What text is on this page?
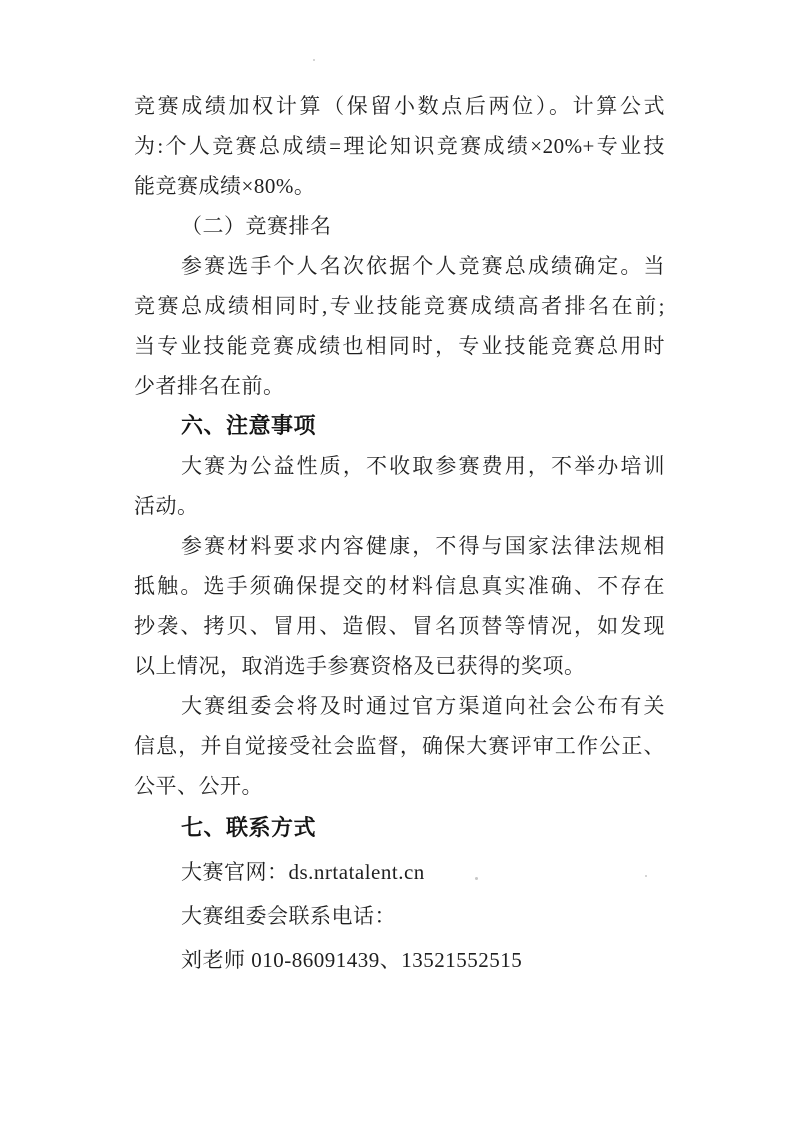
竞赛成绩加权计算（保留小数点后两位）。计算公式
为:个人竞赛总成绩=理论知识竞赛成绩×20%+专业技
能竞赛成绩×80%。
（二）竞赛排名
参赛选手个人名次依据个人竞赛总成绩确定。当
竞赛总成绩相同时,专业技能竞赛成绩高者排名在前;
当专业技能竞赛成绩也相同时，专业技能竞赛总用时
少者排名在前。
六、注意事项
大赛为公益性质，不收取参赛费用，不举办培训
活动。
参赛材料要求内容健康，不得与国家法律法规相
抵触。选手须确保提交的材料信息真实准确、不存在
抄袭、拷贝、冒用、造假、冒名顶替等情况，如发现
以上情况，取消选手参赛资格及已获得的奖项。
大赛组委会将及时通过官方渠道向社会公布有关
信息，并自觉接受社会监督，确保大赛评审工作公正、
公平、公开。
七、联系方式
大赛官网：ds.nrtatalent.cn
大赛组委会联系电话：
刘老师 010-86091439、13521552515
